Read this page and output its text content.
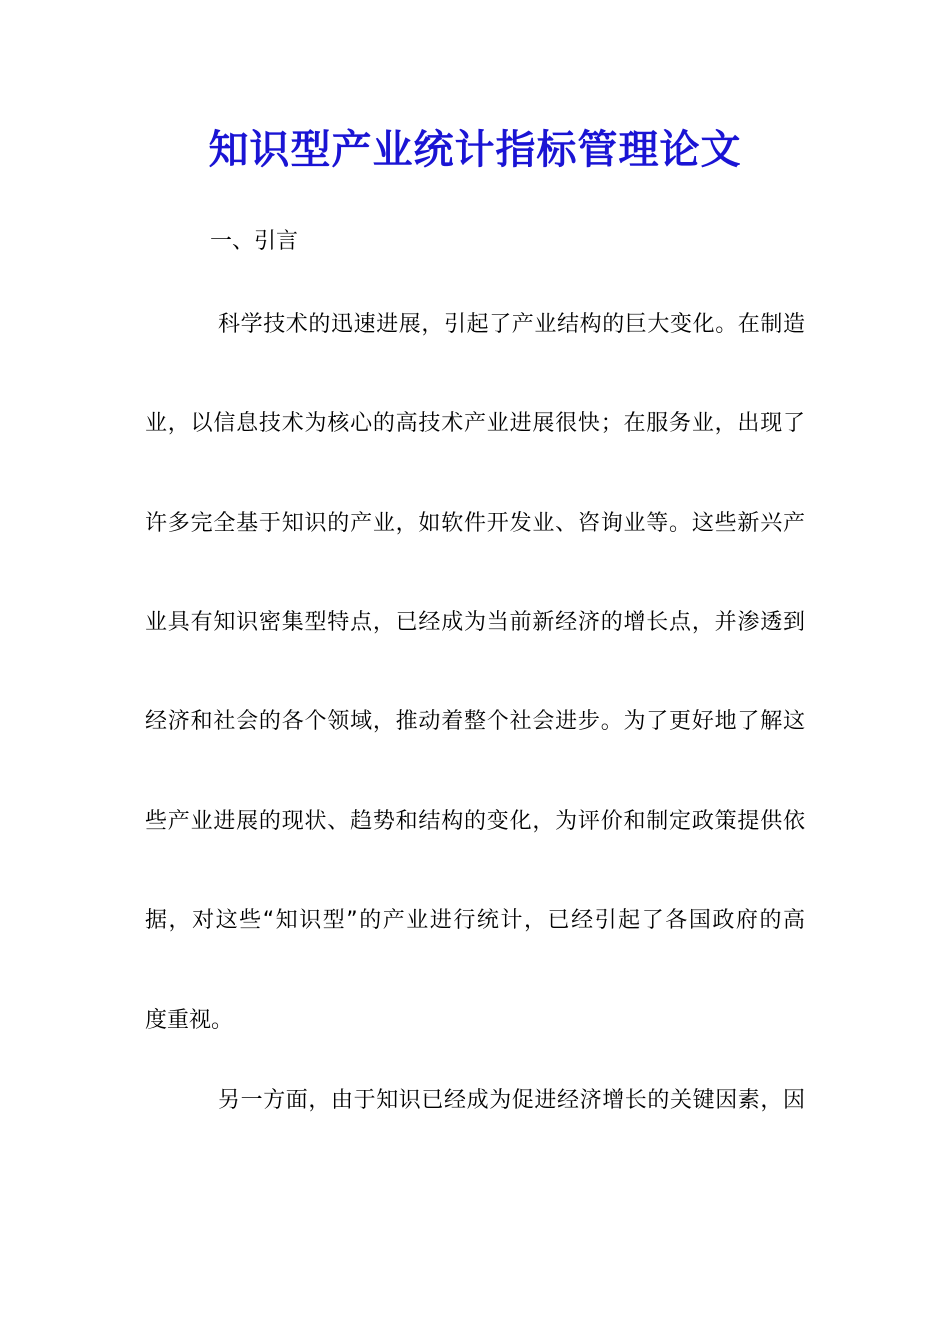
知识型产业统计指标管理论文
一、引言
科学技术的迅速进展，引起了产业结构的巨大变化。在制造
业，以信息技术为核心的高技术产业进展很快；在服务业，出现了
许多完全基于知识的产业，如软件开发业、咨询业等。这些新兴产
业具有知识密集型特点，已经成为当前新经济的增长点，并渗透到
经济和社会的各个领域，推动着整个社会进步。为了更好地了解这
些产业进展的现状、趋势和结构的变化，为评价和制定政策提供依
据，对这些“知识型”的产业进行统计，已经引起了各国政府的高
度重视。
另一方面，由于知识已经成为促进经济增长的关键因素，因
